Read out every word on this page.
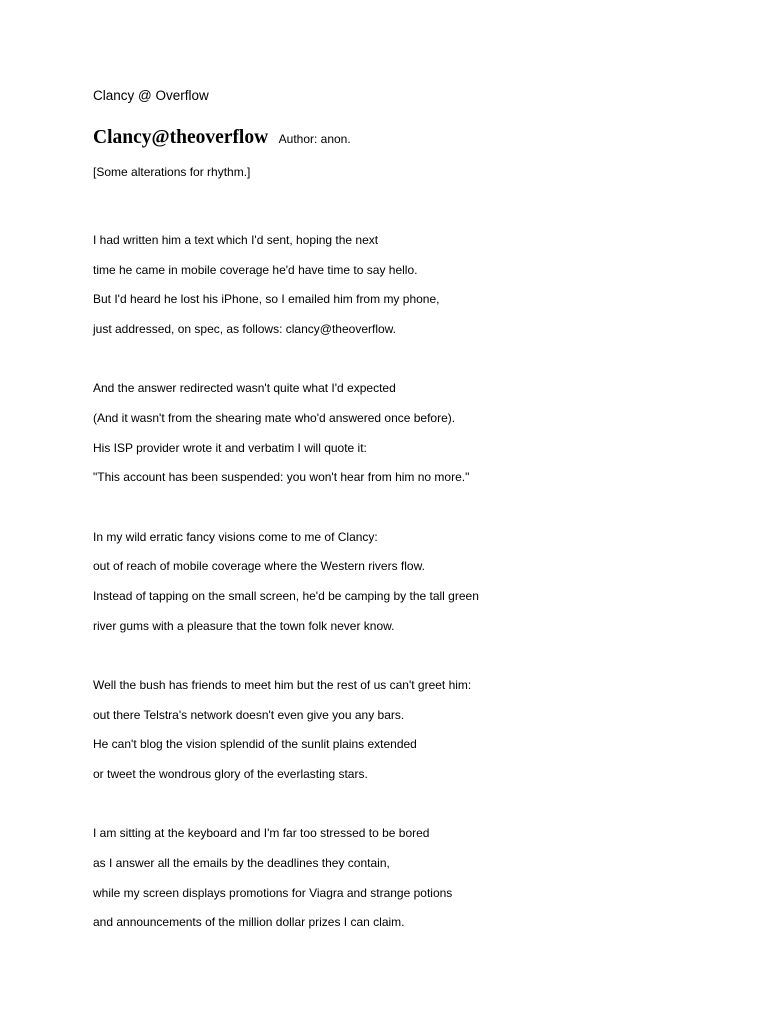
Clancy @ Overflow
Clancy@theoverflow Author: anon.
[Some alterations for rhythm.]
I had written him a text which I'd sent, hoping the next
time he came in mobile coverage he'd have time to say hello.
But I'd heard he lost his iPhone, so I emailed him from my phone,
just addressed, on spec, as follows: clancy@theoverflow.
And the answer redirected wasn't quite what I'd expected
(And it wasn't from the shearing mate who'd answered once before).
His ISP provider wrote it and verbatim I will quote it:
"This account has been suspended: you won't hear from him no more."
In my wild erratic fancy visions come to me of Clancy:
out of reach of mobile coverage where the Western rivers flow.
Instead of tapping on the small screen, he'd be camping by the tall green
river gums with a pleasure that the town folk never know.
Well the bush has friends to meet him but the rest of us can't greet him:
out there Telstra's network doesn't even give you any bars.
He can't blog the vision splendid of the sunlit plains extended
or tweet the wondrous glory of the everlasting stars.
I am sitting at the keyboard and I'm far too stressed to be bored
as I answer all the emails by the deadlines they contain,
while my screen displays promotions for Viagra and strange potions
and announcements of the million dollar prizes I can claim.
